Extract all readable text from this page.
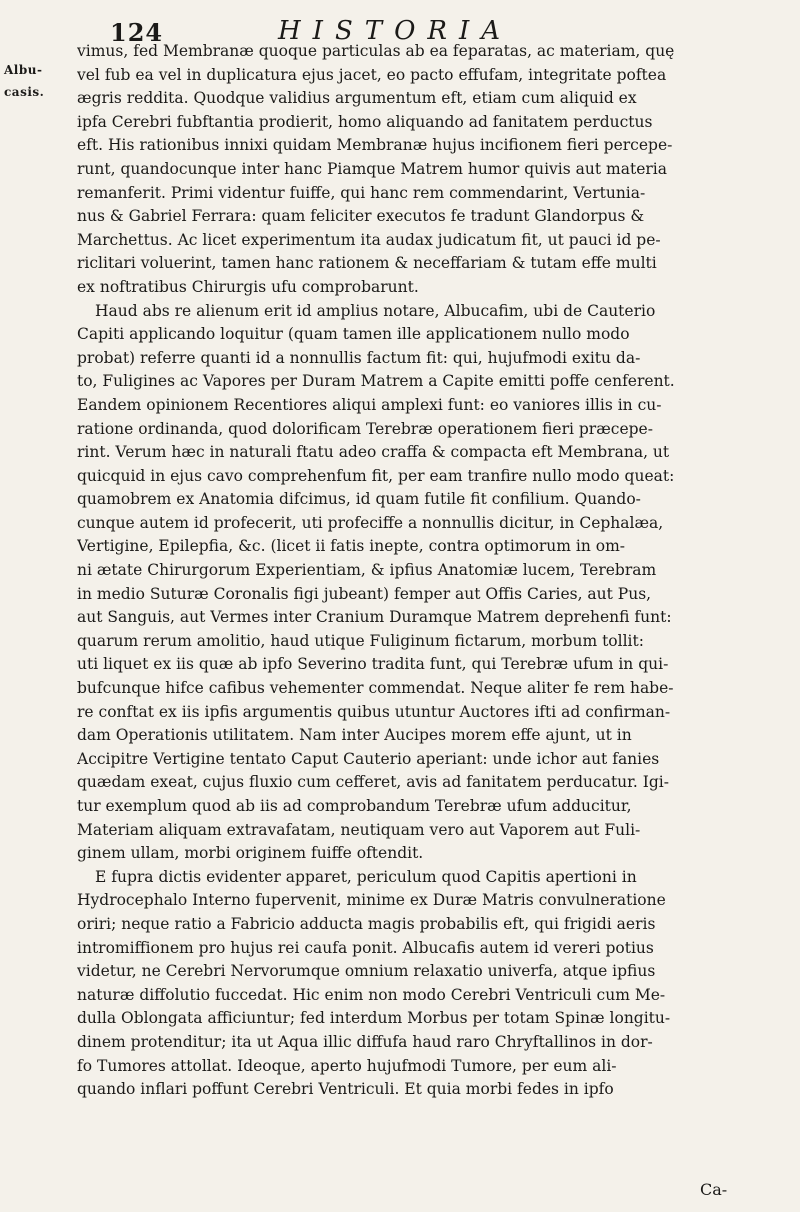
124	HISTORIA
Albu-
casis.
vimus, fed Membranæ quoque particulas ab ea feparatas, ac materiam, quę
vel fub ea vel in duplicatura ejus jacet, eo pacto effufam, integritate poftea
ægris reddita. Quodque validius argumentum eft, etiam cum aliquid ex
ipfa Cerebri fubftantia prodierit, homo aliquando ad fanitatem perductus
eft. His rationibus innixi quidam Membranæ hujus incifionem fieri percepe-
runt, quandocunque inter hanc Piamque Matrem humor quivis aut materia
remanferit. Primi videntur fuiffe, qui hanc rem commendarint, Vertunia-
nus & Gabriel Ferrara: quam feliciter executos fe tradunt Glandorpus &
Marchettus. Ac licet experimentum ita audax judicatum fit, ut pauci id pe-
riclitari voluerint, tamen hanc rationem & neceffariam & tutam effe multi
ex noftratibus Chirurgis ufu comprobarunt.
Haud abs re alienum erit id amplius notare, Albucafim, ubi de Cauterio
Capiti applicando loquitur (quam tamen ille applicationem nullo modo
probat) referre quanti id a nonnullis factum fit: qui, hujufmodi exitu da-
to, Fuligines ac Vapores per Duram Matrem a Capite emitti poffe cenferent.
Eandem opinionem Recentiores aliqui amplexi funt: eo vaniores illis in cu-
ratione ordinanda, quod dolorificam Terebræ operationem fieri præcepe-
rint. Verum hæc in naturali ftatu adeo craffa & compacta eft Membrana, ut
quicquid in ejus cavo comprehenfum fit, per eam tranfire nullo modo queat:
quamobrem ex Anatomia difcimus, id quam futile fit confilium. Quando-
cunque autem id profecerit, uti profeciffe a nonnullis dicitur, in Cephalæa,
Vertigine, Epilepfia, &c. (licet ii fatis inepte, contra optimorum in om-
ni ætate Chirurgorum Experientiam, & ipfius Anatomiæ lucem, Terebram
in medio Suturæ Coronalis figi jubeant) femper aut Offis Caries, aut Pus,
aut Sanguis, aut Vermes inter Cranium Duramque Matrem deprehenfi funt:
quarum rerum amolitio, haud utique Fuliginum fictarum, morbum tollit:
uti liquet ex iis quæ ab ipfo Severino tradita funt, qui Terebræ ufum in qui-
bufcunque hifce cafibus vehementer commendat. Neque aliter fe rem habe-
re conftat ex iis ipfis argumentis quibus utuntur Auctores ifti ad confirman-
dam Operationis utilitatem. Nam inter Aucipes morem effe ajunt, ut in
Accipitre Vertigine tentato Caput Cauterio aperiant: unde ichor aut fanies
quædam exeat, cujus fluxio cum cefferet, avis ad fanitatem perducatur. Igi-
tur exemplum quod ab iis ad comprobandum Terebræ ufum adducitur,
Materiam aliquam extravafatam, neutiquam vero aut Vaporem aut Fuli-
ginem ullam, morbi originem fuiffe oftendit.
E fupra dictis evidenter apparet, periculum quod Capitis apertioni in
Hydrocephalo Interno fupervenit, minime ex Duræ Matris convulneratione
oriri; neque ratio a Fabricio adducta magis probabilis eft, qui frigidi aeris
intromiffionem pro hujus rei caufa ponit. Albucafis autem id vereri potius
videtur, ne Cerebri Nervorumque omnium relaxatio univerfa, atque ipfius
naturæ diffolutio fuccedat. Hic enim non modo Cerebri Ventriculi cum Me-
dulla Oblongata afficiuntur; fed interdum Morbus per totam Spinæ longitu-
dinem protenditur; ita ut Aqua illic diffufa haud raro Chryftallinos in dor-
fo Tumores attollat. Ideoque, aperto hujufmodi Tumore, per eum ali-
quando inflari poffunt Cerebri Ventriculi. Et quia morbi fedes in ipfo
Ca-
